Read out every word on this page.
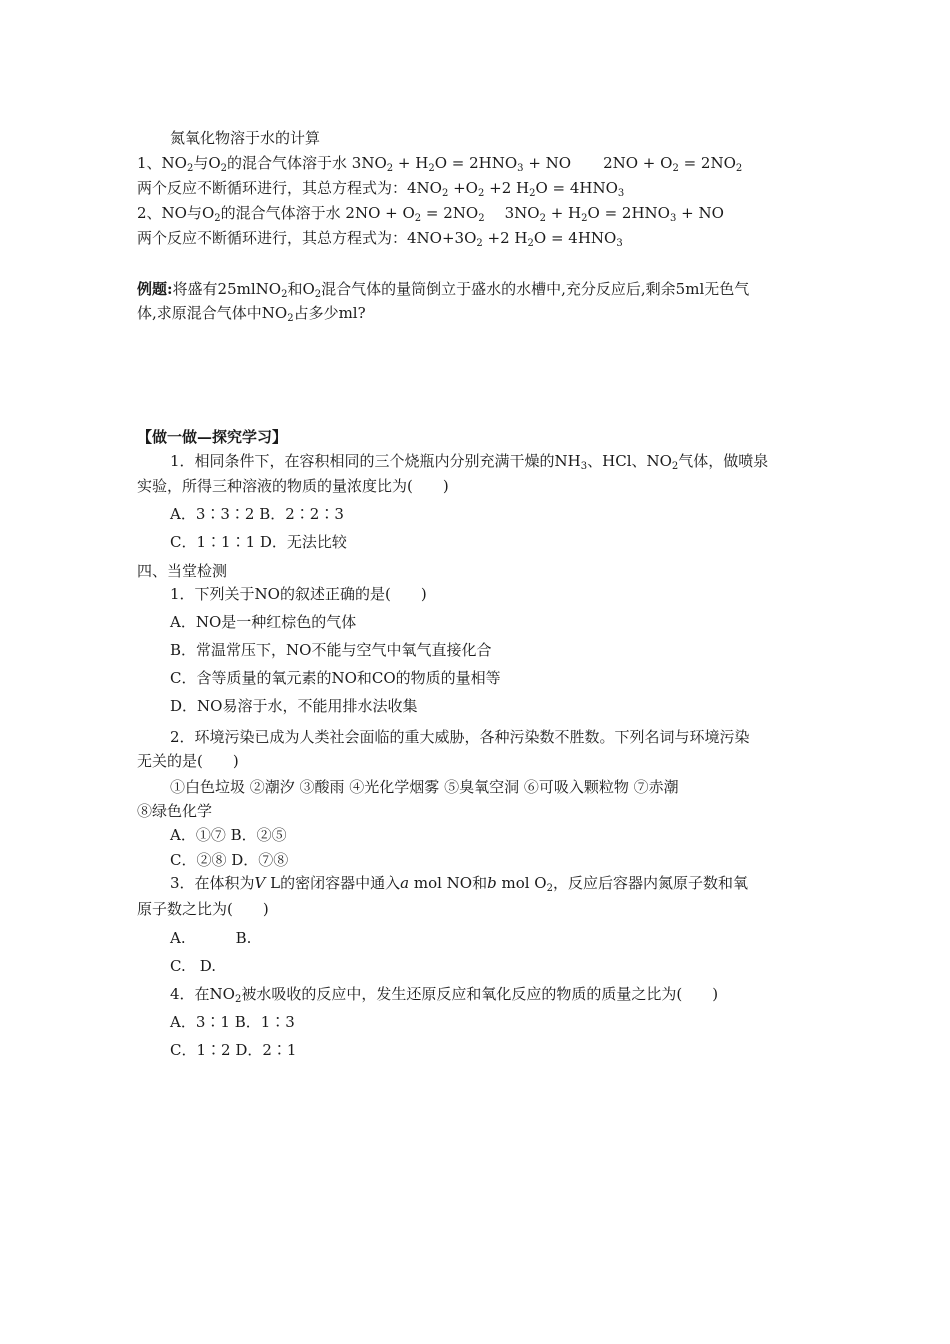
氮氧化物溶于水的计算
1、$NO_2$与$O_2$的混合气体溶于水 $3NO_2 + H_2O = 2HNO_3$ + NO $2NO + O_2 = 2NO_2$
两个反应不断循环进行，其总方程式为：$4NO_2 +O_2 +2$ $H_2O = 4HNO_3$
2、NO与$O_2$的混合气体溶于水 $2NO + O_2 = 2NO_2$ $3NO_2 + H_2O = 2HNO_3$ + NO
两个反应不断循环进行，其总方程式为：$4NO+3O_2 +2$ $H_2O = 4HNO_3$
例题:将盛有25mlNO$_2$和$O_2$混合气体的量筒倒立于盛水的水槽中,充分反应后,剩余5ml无色气
体,求原混合气体中$NO_2$占多少ml?
【做一做—探究学习】
1．相同条件下，在容积相同的三个烧瓶内分别充满干燥的$NH_3$、HCl、$NO_2$气体，做喷泉
实验，所得三种溶液的物质的量浓度比为(　　)
A．3∶3∶2 B．2∶2∶3
C．1∶1∶1 D．无法比较
四、当堂检测
1．下列关于NO的叙述正确的是(　　)
A．NO是一种红棕色的气体
B．常温常压下，NO不能与空气中氧气直接化合
C．含等质量的氧元素的NO和CO的物质的量相等
D．NO易溶于水，不能用排水法收集
2．环境污染已成为人类社会面临的重大威胁，各种污染数不胜数。下列名词与环境污染
无关的是(　　)
①白色垃圾 ②潮汐 ③酸雨 ④光化学烟雾 ⑤臭氧空洞 ⑥可吸入颗粒物 ⑦赤潮
⑧绿色化学
A．①⑦ B．②⑤
C．②⑧ D．⑦⑧
3．在体积为V L的密闭容器中通入a mol NO和b mol $O_2$，反应后容器内氮原子数和氧
原子数之比为(　　)
A.	B.
C. D.
4．在$NO_2$被水吸收的反应中，发生还原反应和氧化反应的物质的质量之比为(　　)
A．3∶1 B．1∶3
C．1∶2 D．2∶1
